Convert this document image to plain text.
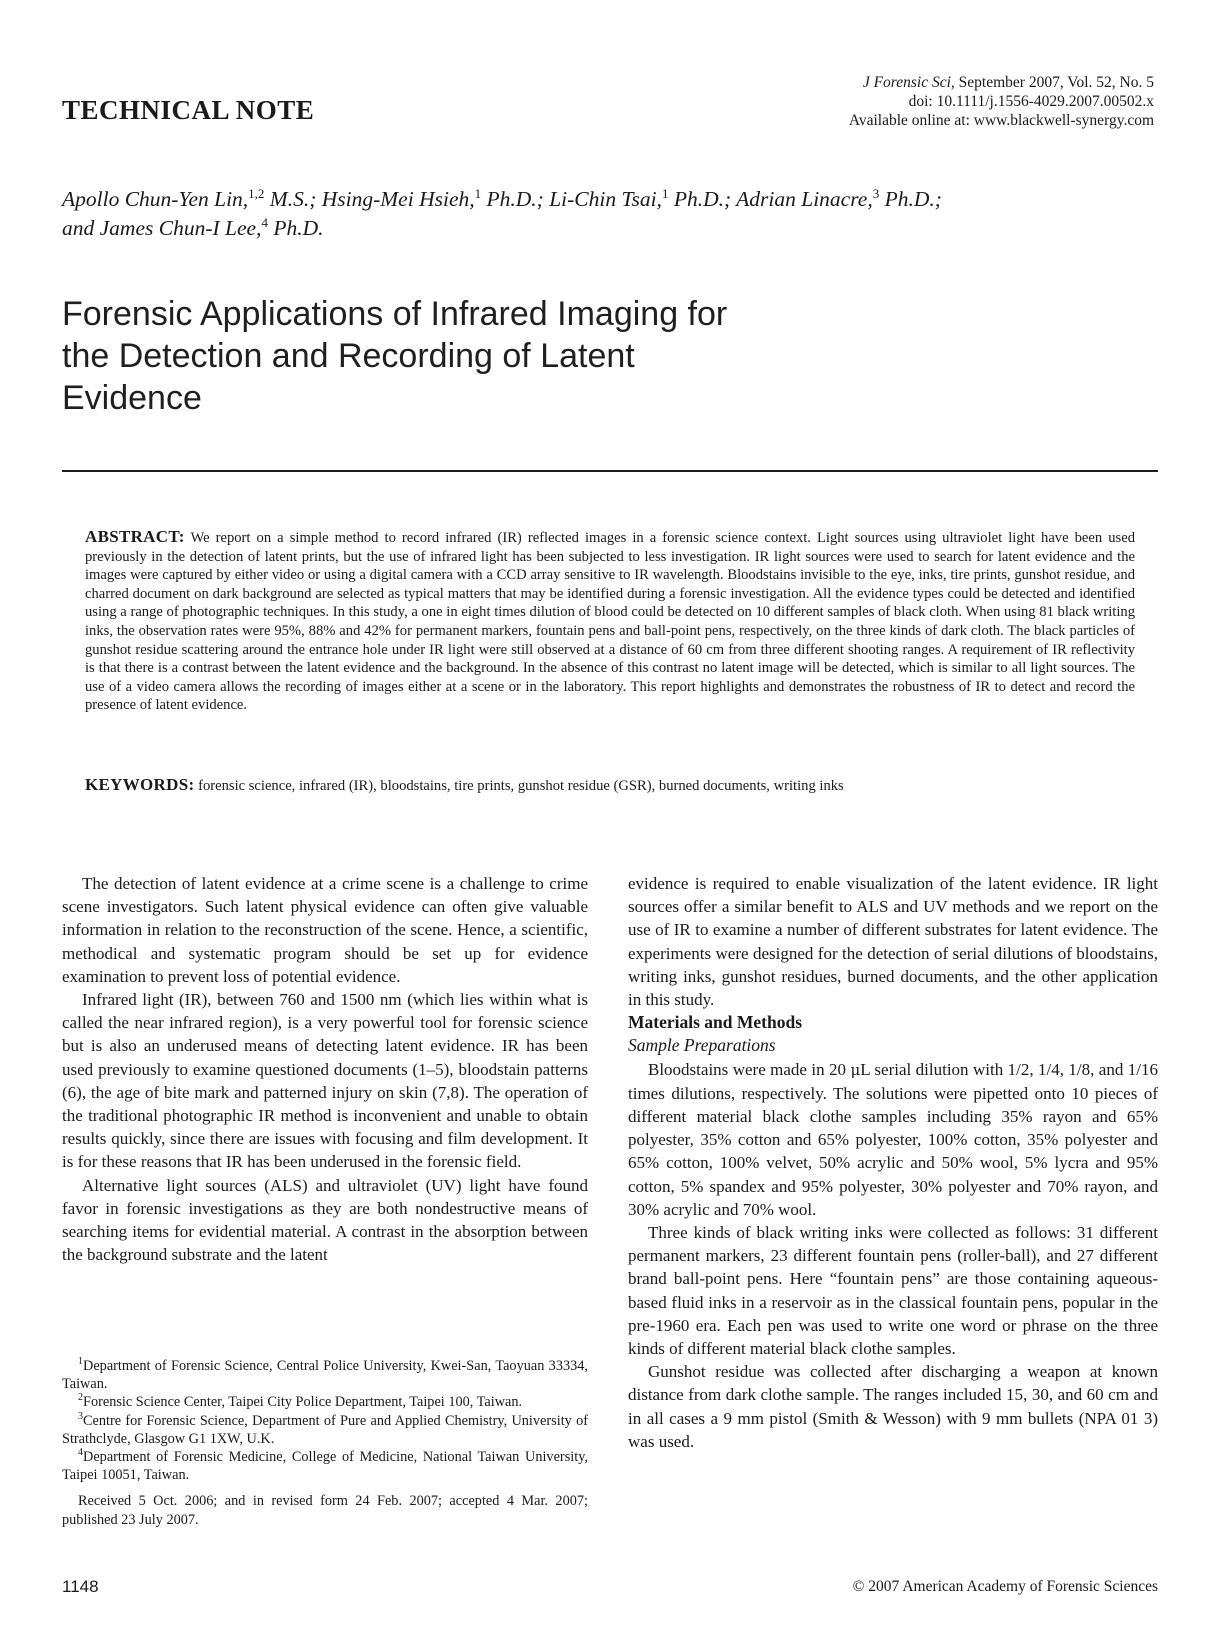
TECHNICAL NOTE
J Forensic Sci, September 2007, Vol. 52, No. 5
doi: 10.1111/j.1556-4029.2007.00502.x
Available online at: www.blackwell-synergy.com
Apollo Chun-Yen Lin,$^{1,2}$ M.S.; Hsing-Mei Hsieh,$^1$ Ph.D.; Li-Chin Tsai,$^1$ Ph.D.; Adrian Linacre,$^3$ Ph.D.;
and James Chun-I Lee,$^4$ Ph.D.
Forensic Applications of Infrared Imaging for
the Detection and Recording of Latent
Evidence
ABSTRACT: We report on a simple method to record infrared (IR) reflected images in a forensic science context. Light sources using ultraviolet light have been used previously in the detection of latent prints, but the use of infrared light has been subjected to less investigation. IR light sources were used to search for latent evidence and the images were captured by either video or using a digital camera with a CCD array sensitive to IR wavelength. Bloodstains invisible to the eye, inks, tire prints, gunshot residue, and charred document on dark background are selected as typical matters that may be identified during a forensic investigation. All the evidence types could be detected and identified using a range of photographic techniques. In this study, a one in eight times dilution of blood could be detected on 10 different samples of black cloth. When using 81 black writing inks, the observation rates were 95%, 88% and 42% for permanent markers, fountain pens and ball-point pens, respectively, on the three kinds of dark cloth. The black particles of gunshot residue scattering around the entrance hole under IR light were still observed at a distance of 60 cm from three different shooting ranges. A requirement of IR reflectivity is that there is a contrast between the latent evidence and the background. In the absence of this contrast no latent image will be detected, which is similar to all light sources. The use of a video camera allows the recording of images either at a scene or in the laboratory. This report highlights and demonstrates the robustness of IR to detect and record the presence of latent evidence.
KEYWORDS: forensic science, infrared (IR), bloodstains, tire prints, gunshot residue (GSR), burned documents, writing inks

The detection of latent evidence at a crime scene is a challenge to crime scene investigators. Such latent physical evidence can often give valuable information in relation to the reconstruction of the scene. Hence, a scientific, methodical and systematic program should be set up for evidence examination to prevent loss of potential evidence.

Infrared light (IR), between 760 and 1500 nm (which lies within what is called the near infrared region), is a very powerful tool for forensic science but is also an underused means of detecting latent evidence. IR has been used previously to examine questioned documents (1–5), bloodstain patterns (6), the age of bite mark and patterned injury on skin (7,8). The operation of the traditional photographic IR method is inconvenient and unable to obtain results quickly, since there are issues with focusing and film development. It is for these reasons that IR has been underused in the forensic field.

Alternative light sources (ALS) and ultraviolet (UV) light have found favor in forensic investigations as they are both nondestructive means of searching items for evidential material. A contrast in the absorption between the background substrate and the latent

$^1$Department of Forensic Science, Central Police University, Kwei-San, Taoyuan 33334, Taiwan.

$^2$Forensic Science Center, Taipei City Police Department, Taipei 100, Taiwan.

$^3$Centre for Forensic Science, Department of Pure and Applied Chemistry, University of Strathclyde, Glasgow G1 1XW, U.K.

$^4$Department of Forensic Medicine, College of Medicine, National Taiwan University, Taipei 10051, Taiwan.

Received 5 Oct. 2006; and in revised form 24 Feb. 2007; accepted 4 Mar. 2007; published 23 July 2007.

evidence is required to enable visualization of the latent evidence. IR light sources offer a similar benefit to ALS and UV methods and we report on the use of IR to examine a number of different substrates for latent evidence. The experiments were designed for the detection of serial dilutions of bloodstains, writing inks, gunshot residues, burned documents, and the other application in this study.

Materials and Methods

Sample Preparations

Bloodstains were made in 20 μL serial dilution with 1/2, 1/4, 1/8, and 1/16 times dilutions, respectively. The solutions were pipetted onto 10 pieces of different material black clothe samples including 35% rayon and 65% polyester, 35% cotton and 65% polyester, 100% cotton, 35% polyester and 65% cotton, 100% velvet, 50% acrylic and 50% wool, 5% lycra and 95% cotton, 5% spandex and 95% polyester, 30% polyester and 70% rayon, and 30% acrylic and 70% wool.

Three kinds of black writing inks were collected as follows: 31 different permanent markers, 23 different fountain pens (roller-ball), and 27 different brand ball-point pens. Here “fountain pens” are those containing aqueous-based fluid inks in a reservoir as in the classical fountain pens, popular in the pre-1960 era. Each pen was used to write one word or phrase on the three kinds of different material black clothe samples.

Gunshot residue was collected after discharging a weapon at known distance from dark clothe sample. The ranges included 15, 30, and 60 cm and in all cases a 9 mm pistol (Smith & Wesson) with 9 mm bullets (NPA 01 3) was used.

1148	© 2007 American Academy of Forensic Sciences
